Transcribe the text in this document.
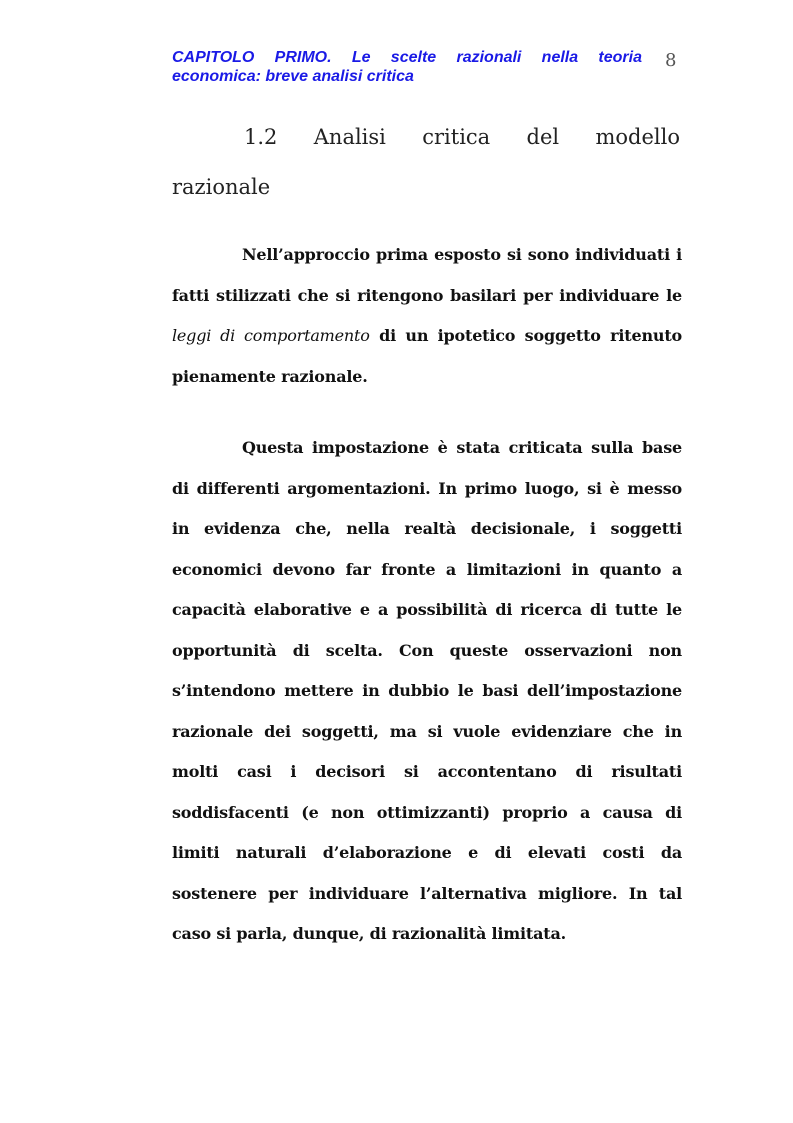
CAPITOLO PRIMO. Le scelte razionali nella teoria
economica: breve analisi critica
8
1.2 Analisi critica del modello
razionale

Nell’approccio prima esposto si sono individuati i fatti stilizzati che si ritengono basilari per individuare le leggi di comportamento di un ipotetico soggetto ritenuto pienamente razionale.

Questa impostazione è stata criticata sulla base di differenti argomentazioni. In primo luogo, si è messo in evidenza che, nella realtà decisionale, i soggetti economici devono far fronte a limitazioni in quanto a capacità elaborative e a possibilità di ricerca di tutte le opportunità di scelta. Con queste osservazioni non s’intendono mettere in dubbio le basi dell’impostazione razionale dei soggetti, ma si vuole evidenziare che in molti casi i decisori si accontentano di risultati soddisfacenti (e non ottimizzanti) proprio a causa di limiti naturali d’elaborazione e di elevati costi da sostenere per individuare l’alternativa migliore. In tal caso si parla, dunque, di razionalità limitata.
